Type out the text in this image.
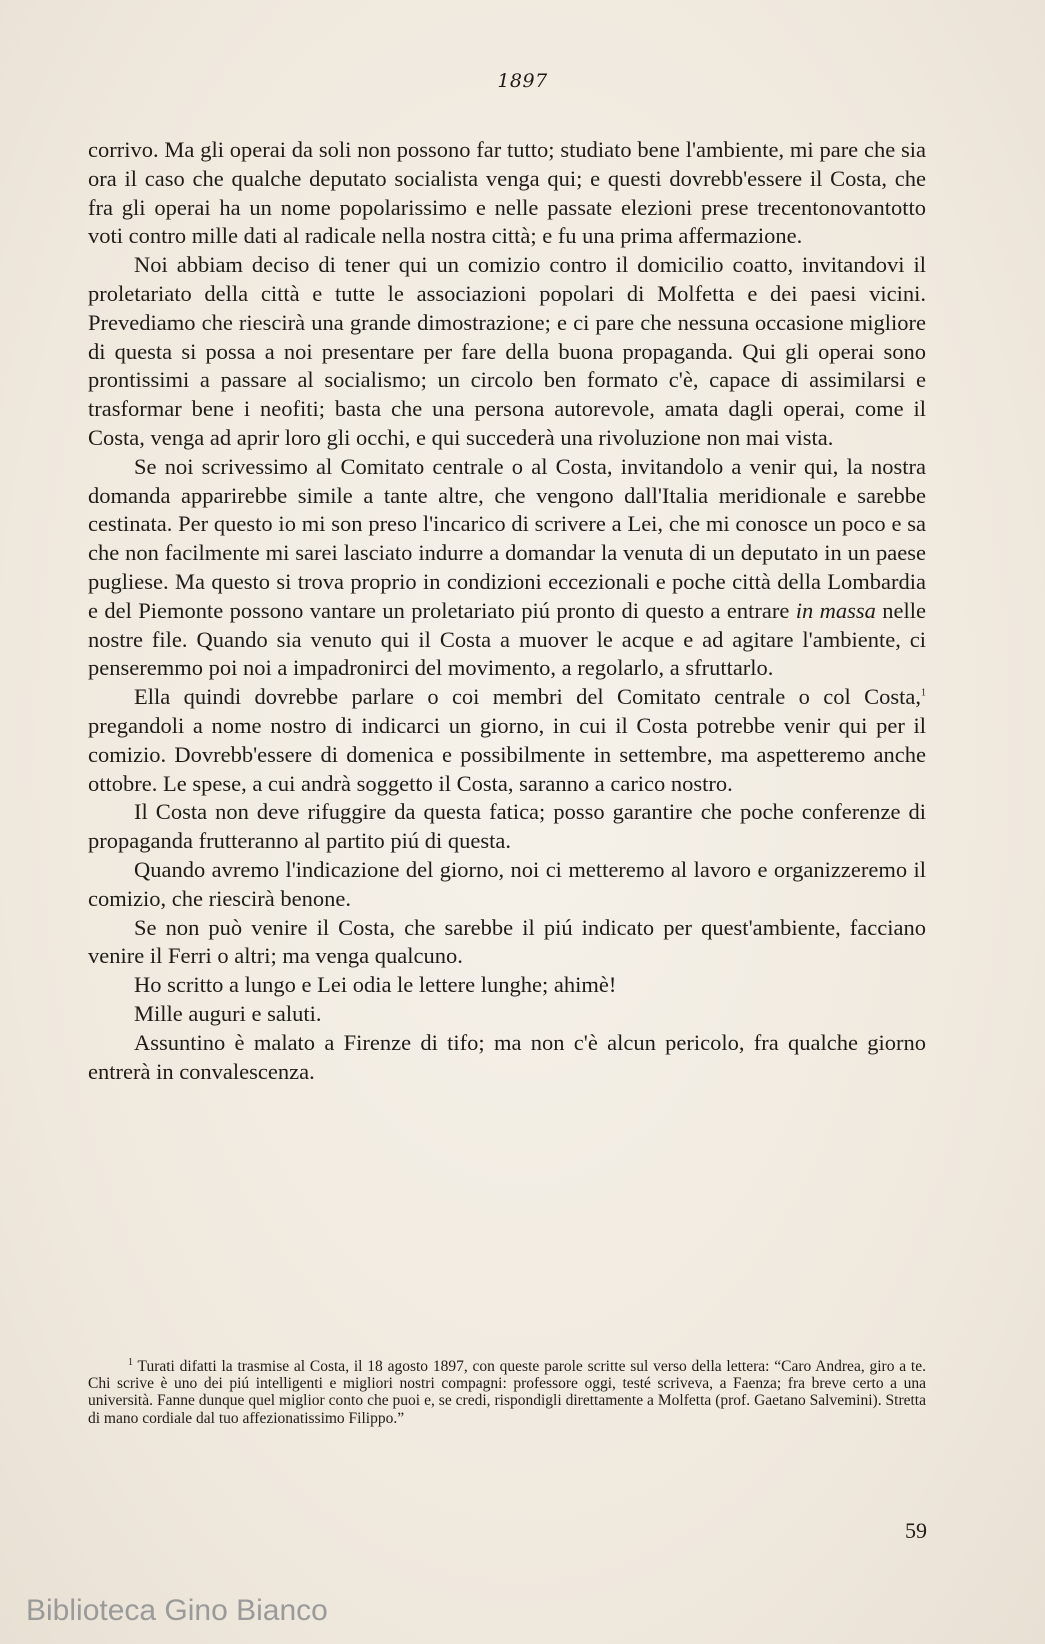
1897

corrivo. Ma gli operai da soli non possono far tutto; studiato bene l'ambiente, mi pare che sia ora il caso che qualche deputato socialista venga qui; e questi dovrebb'essere il Costa, che fra gli operai ha un nome popolarissimo e nelle passate elezioni prese trecentonovantotto voti contro mille dati al radicale nella nostra città; e fu una prima affermazione.

Noi abbiam deciso di tener qui un comizio contro il domicilio coatto, invitandovi il proletariato della città e tutte le associazioni popolari di Molfetta e dei paesi vicini. Prevediamo che riescirà una grande dimostrazione; e ci pare che nessuna occasione migliore di questa si possa a noi presentare per fare della buona propaganda. Qui gli operai sono prontissimi a passare al socialismo; un circolo ben formato c'è, capace di assimilarsi e trasformar bene i neofiti; basta che una persona autorevole, amata dagli operai, come il Costa, venga ad aprir loro gli occhi, e qui succederà una rivoluzione non mai vista.

Se noi scrivessimo al Comitato centrale o al Costa, invitandolo a venir qui, la nostra domanda apparirebbe simile a tante altre, che vengono dall'Italia meridionale e sarebbe cestinata. Per questo io mi son preso l'incarico di scrivere a Lei, che mi conosce un poco e sa che non facilmente mi sarei lasciato indurre a domandar la venuta di un deputato in un paese pugliese. Ma questo si trova proprio in condizioni eccezionali e poche città della Lombardia e del Piemonte possono vantare un proletariato piú pronto di questo a entrare in massa nelle nostre file. Quando sia venuto qui il Costa a muover le acque e ad agitare l'ambiente, ci penseremmo poi noi a impadronirci del movimento, a regolarlo, a sfruttarlo.

Ella quindi dovrebbe parlare o coi membri del Comitato centrale o col Costa,$^1$ pregandoli a nome nostro di indicarci un giorno, in cui il Costa potrebbe venir qui per il comizio. Dovrebb'essere di domenica e possibilmente in settembre, ma aspetteremo anche ottobre. Le spese, a cui andrà soggetto il Costa, saranno a carico nostro.

Il Costa non deve rifuggire da questa fatica; posso garantire che poche conferenze di propaganda frutteranno al partito piú di questa.

Quando avremo l'indicazione del giorno, noi ci metteremo al lavoro e organizzeremo il comizio, che riescirà benone.

Se non può venire il Costa, che sarebbe il piú indicato per quest'ambiente, facciano venire il Ferri o altri; ma venga qualcuno.

Ho scritto a lungo e Lei odia le lettere lunghe; ahimè!

Mille auguri e saluti.

Assuntino è malato a Firenze di tifo; ma non c'è alcun pericolo, fra qualche giorno entrerà in convalescenza.

$^1$ Turati difatti la trasmise al Costa, il 18 agosto 1897, con queste parole scritte sul verso della lettera: “Caro Andrea, giro a te. Chi scrive è uno dei piú intelligenti e migliori nostri compagni: professore oggi, testé scriveva, a Faenza; fra breve certo a una università. Fanne dunque quel miglior conto che puoi e, se credi, rispondigli direttamente a Molfetta (prof. Gaetano Salvemini). Stretta di mano cordiale dal tuo affezionatissimo Filippo.”

59
Biblioteca Gino Bianco
